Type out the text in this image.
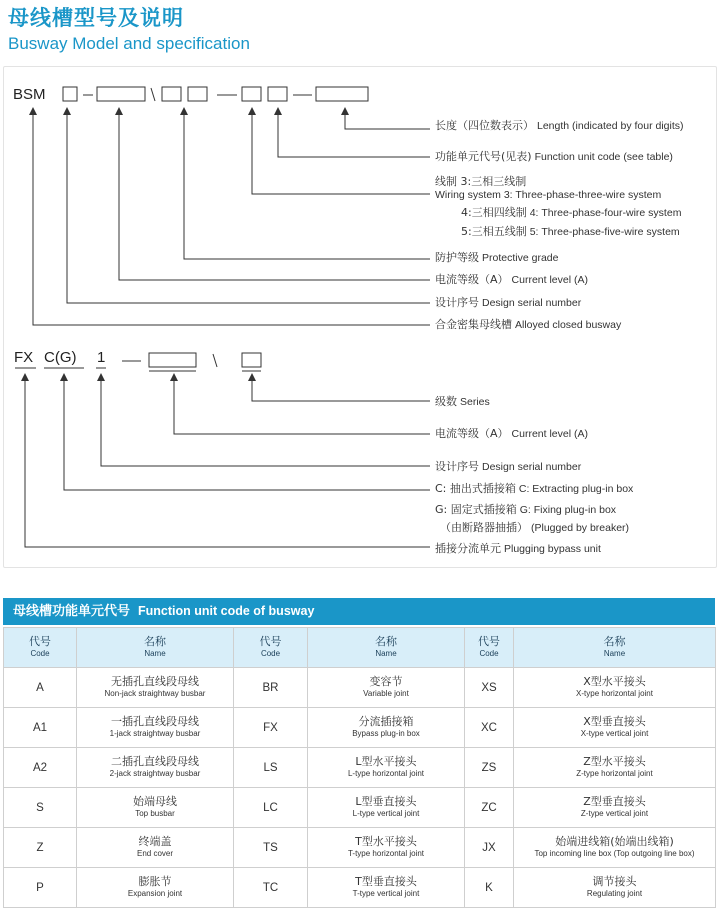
母线槽型号及说明
Busway Model and specification
BSM
长度（四位数表示） Length (indicated by four digits)
功能单元代号(见表) Function unit code (see table)
线制 3:三相三线制
Wiring system 3: Three-phase-three-wire system
4:三相四线制 4: Three-phase-four-wire system
5:三相五线制 5: Three-phase-five-wire system
防护等级 Protective grade
电流等级（A） Current level (A)
设计序号 Design serial number
合金密集母线槽 Alloyed closed busway
FX C(G) 1
级数 Series
电流等级（A） Current level (A)
设计序号 Design serial number
C: 抽出式插接箱 C: Extracting plug-in box
G: 固定式插接箱 G: Fixing plug-in box
（由断路器抽插） (Plugged by breaker)
插接分流单元 Plugging bypass unit
母线槽功能单元代号 Function unit code of busway
代号
Code	名称
Name	代号
Code	名称
Name	代号
Code	名称
Name

A	无插孔直线段母线
Non-jack straightway busbar	BR	变容节
Variable joint	XS	X型水平接头
X-type horizontal joint

A1	一插孔直线段母线
1-jack straightway busbar	FX	分流插接箱
Bypass plug-in box	XC	X型垂直接头
X-type vertical joint

A2	二插孔直线段母线
2-jack straightway busbar	LS	L型水平接头
L-type horizontal joint	ZS	Z型水平接头
Z-type horizontal joint

S	始端母线
Top busbar	LC	L型垂直接头
L-type vertical joint	ZC	Z型垂直接头
Z-type vertical joint

Z	终端盖
End cover	TS	T型水平接头
T-type horizontal joint	JX	始端进线箱(始端出线箱)
Top incoming line box (Top outgoing line box)

P	膨胀节
Expansion joint	TC	T型垂直接头
T-type vertical joint	K	调节接头
Regulating joint
